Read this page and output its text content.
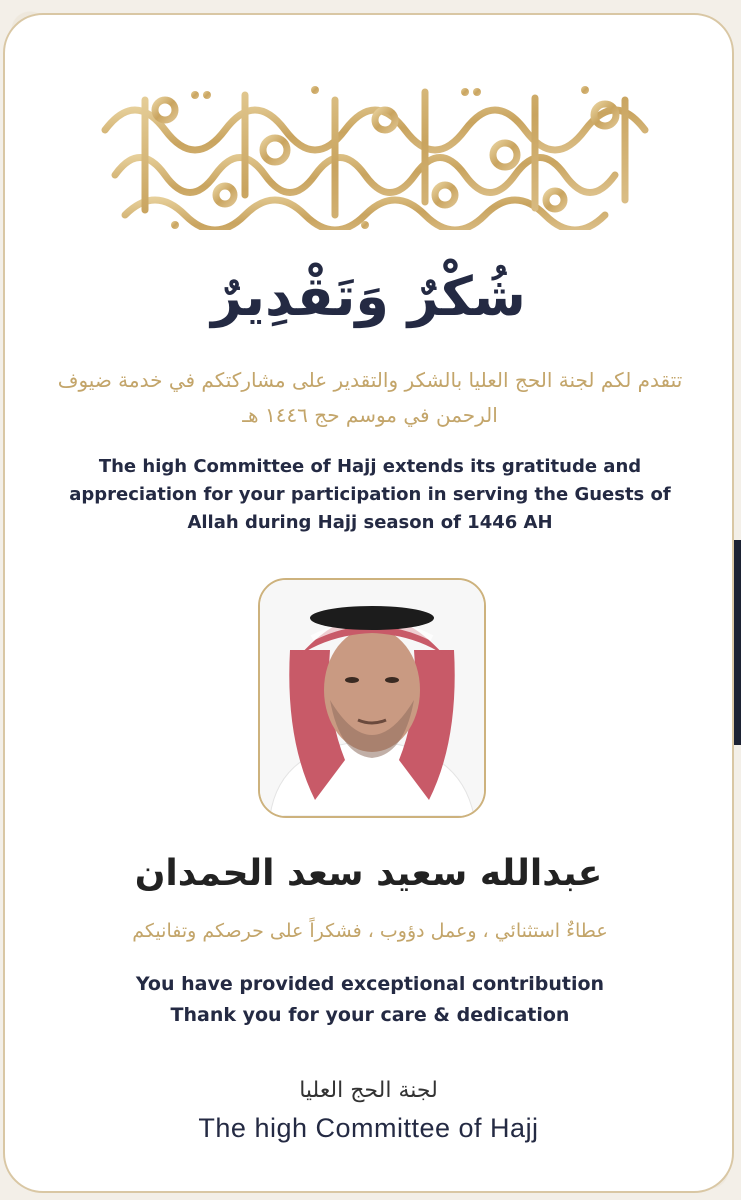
شُكْرٌ وَتَقْدِيرٌ
تتقدم لكم لجنة الحج العليا بالشكر والتقدير على مشاركتكم في خدمة ضيوف الرحمن في موسم حج ١٤٤٦ هـ
The high Committee of Hajj extends its gratitude and appreciation for your participation in serving the Guests of Allah during Hajj season of 1446 AH
عبدالله سعيد سعد الحمدان
عطاءٌ استثنائي ، وعمل دؤوب ، فشكراً على حرصكم وتفانيكم
You have provided exceptional contribution
Thank you for your care & dedication
لجنة الحج العليا
The high Committee of Hajj
